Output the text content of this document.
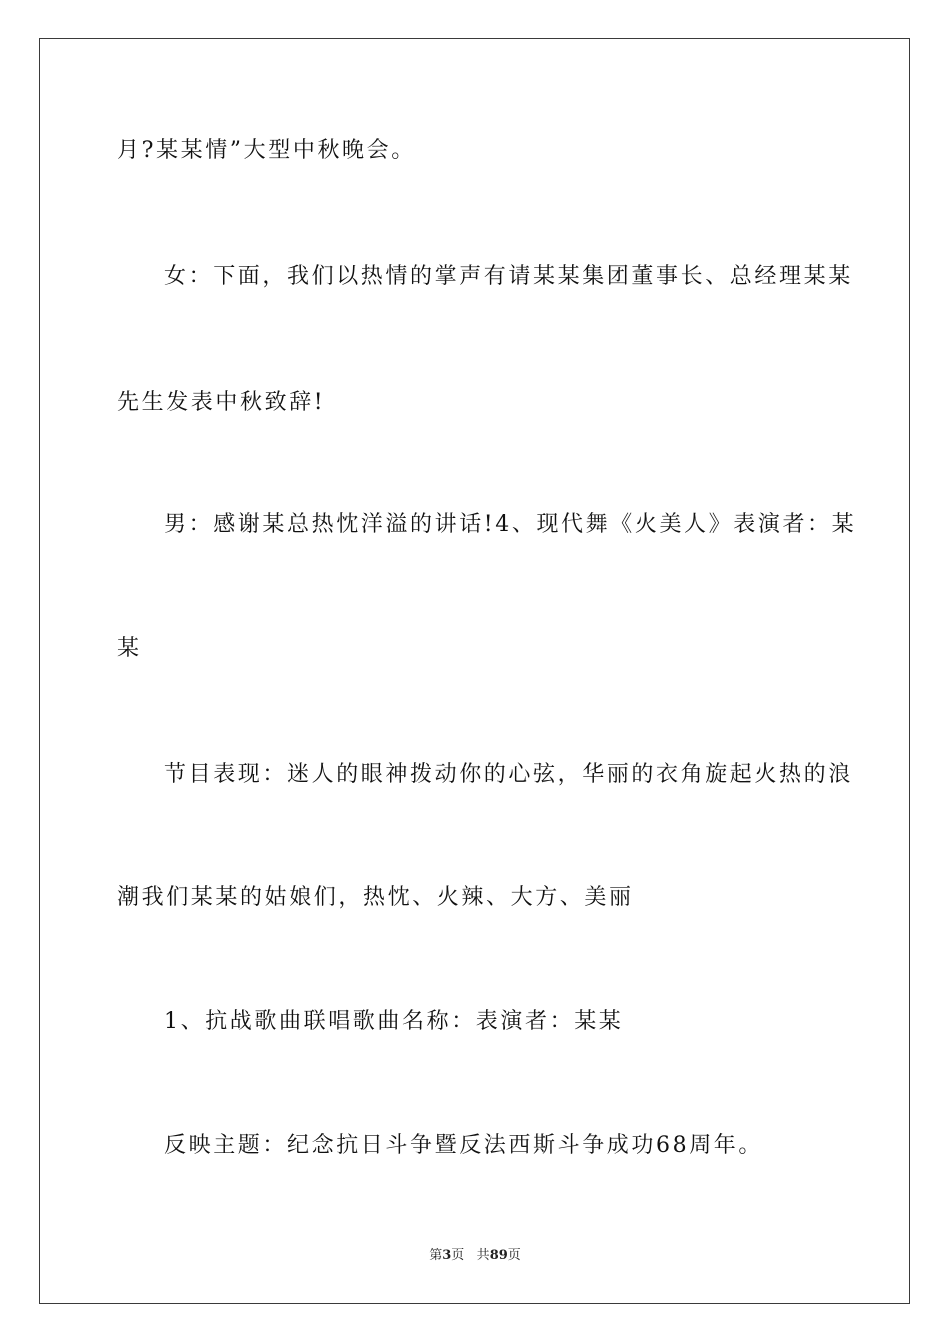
月?某某情”大型中秋晚会。
女：下面，我们以热情的掌声有请某某集团董事长、总经理某某
先生发表中秋致辞!
男：感谢某总热忱洋溢的讲话!4、现代舞《火美人》表演者：某
某
节目表现：迷人的眼神拨动你的心弦，华丽的衣角旋起火热的浪
潮我们某某的姑娘们，热忱、火辣、大方、美丽
1、抗战歌曲联唱歌曲名称：表演者：某某
反映主题：纪念抗日斗争暨反法西斯斗争成功68周年。
第3页 共89页
